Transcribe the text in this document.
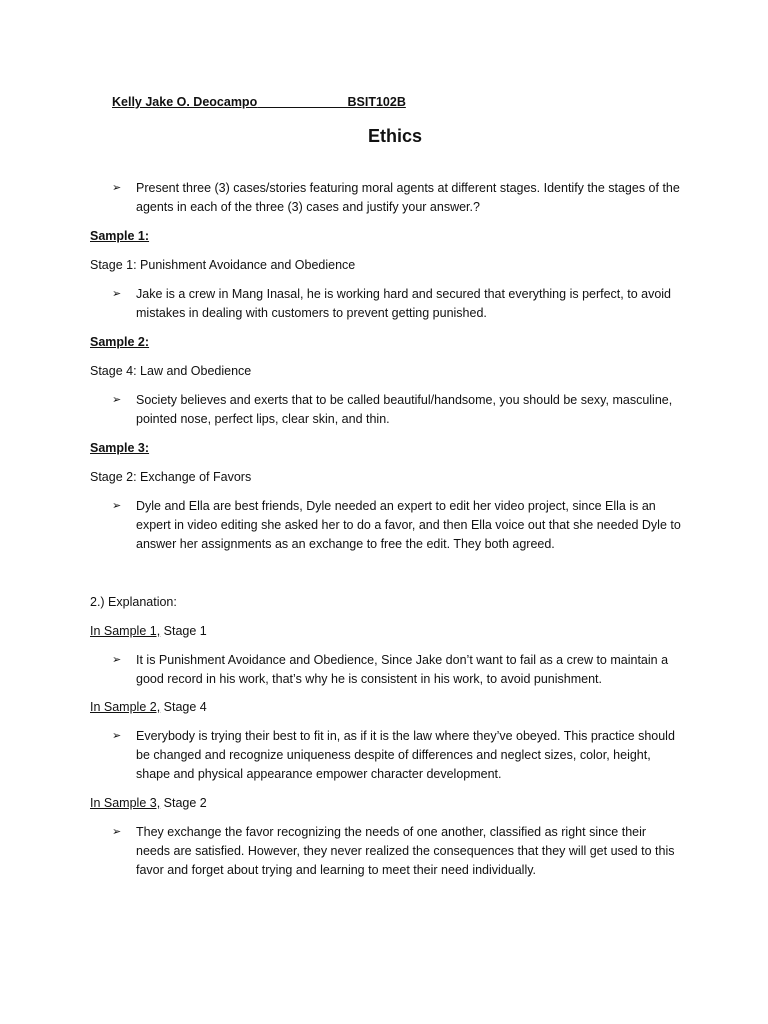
Kelly Jake O. Deocampo	BSIT102B
Ethics
➢ Present three (3) cases/stories featuring moral agents at different stages. Identify the stages of the agents in each of the three (3) cases and justify your answer.?
Sample 1:
Stage 1: Punishment Avoidance and Obedience
➢ Jake is a crew in Mang Inasal, he is working hard and secured that everything is perfect, to avoid mistakes in dealing with customers to prevent getting punished.
Sample 2:
Stage 4: Law and Obedience
➢ Society believes and exerts that to be called beautiful/handsome, you should be sexy, masculine, pointed nose, perfect lips, clear skin, and thin.
Sample 3:
Stage 2: Exchange of Favors
➢ Dyle and Ella are best friends, Dyle needed an expert to edit her video project, since Ella is an expert in video editing she asked her to do a favor, and then Ella voice out that she needed Dyle to answer her assignments as an exchange to free the edit. They both agreed.
2.) Explanation:
In Sample 1, Stage 1
➢ It is Punishment Avoidance and Obedience, Since Jake don’t want to fail as a crew to maintain a good record in his work, that’s why he is consistent in his work, to avoid punishment.
In Sample 2, Stage 4
➢ Everybody is trying their best to fit in, as if it is the law where they’ve obeyed. This practice should be changed and recognize uniqueness despite of differences and neglect sizes, color, height, shape and physical appearance empower character development.
In Sample 3, Stage 2
➢ They exchange the favor recognizing the needs of one another, classified as right since their needs are satisfied. However, they never realized the consequences that they will get used to this favor and forget about trying and learning to meet their need individually.
